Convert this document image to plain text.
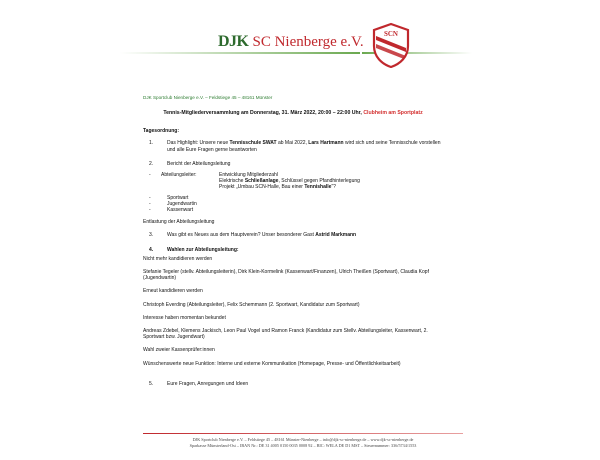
DJK SC Nienberge e.V.	SCN
DJK Sportclub Nienberge e.V. – Feldstiege 45 – 48161 Münster
Tennis-Mitgliederversammlung am Donnerstag, 31. März 2022, 20:00 – 22:00 Uhr, Clubheim am Sportplatz
Tagesordnung:
1.	Das Highlight: Unsere neue Tennisschule SWAT ab Mai 2022, Lars Hartmann wird sich und seine Tennisschule vorstellen und alle Eure Fragen gerne beantworten
2.	Bericht der Abteilungsleitung
- Abteilungsleiter:	Entwicklung Mitgliederzahl
Elektrische Schließanlage, Schlüssel gegen Pfandhinterlegung
Projekt „Umbau SCN-Halle, Bau einer Tennishalle“?
-	Sportwart
-	Jugendwartin
-	Kassenwart
Entlastung der Abteilungsleitung
3.	Was gibt es Neues aus dem Hauptverein? Unser besonderer Gast Astrid Markmann
4.	Wahlen zur Abteilungsleitung:
Nicht mehr kandidieren werden
Stefanie Tegeler (stellv. Abteilungsleiterin), Dirk Klein-Kormelink (Kassenwart/Finanzen), Ulrich Theißen (Sportwart), Claudia Kopf (Jugendwartin)
Erneut kandidieren werden
Christoph Everding (Abteilungsleiter), Felix Schemmann (2. Sportwart, Kandidatur zum Sportwart)
Interesse haben momentan bekundet
Andreas Zdebel, Klemens Jackisch, Leon Paul Vogel und Ramon Franck (Kandidatur zum Stellv. Abteilungsleiter, Kassenwart, 2. Sportwart bzw. Jugendwart)
Wahl zweier Kassenprüfer:innen
Wünschenswerte neue Funktion: Interne und externe Kommunikation (Homepage, Presse- und Öffentlichkeitsarbeit)
5.	Eure Fragen, Anregungen und Ideen
DJK Sportclub Nienberge e.V. – Feldstiege 45 – 48161 Münster-Nienberge – info@djk-sc-nienberge.de – www.djk-sc-nienberge.de
Sparkasse Münsterland-Ost – IBAN Nr.: DE 31 4005 0150 0035 0008 92 – BIC: WELA DE D1 MST – Steuernummer: 336/5734/1553
